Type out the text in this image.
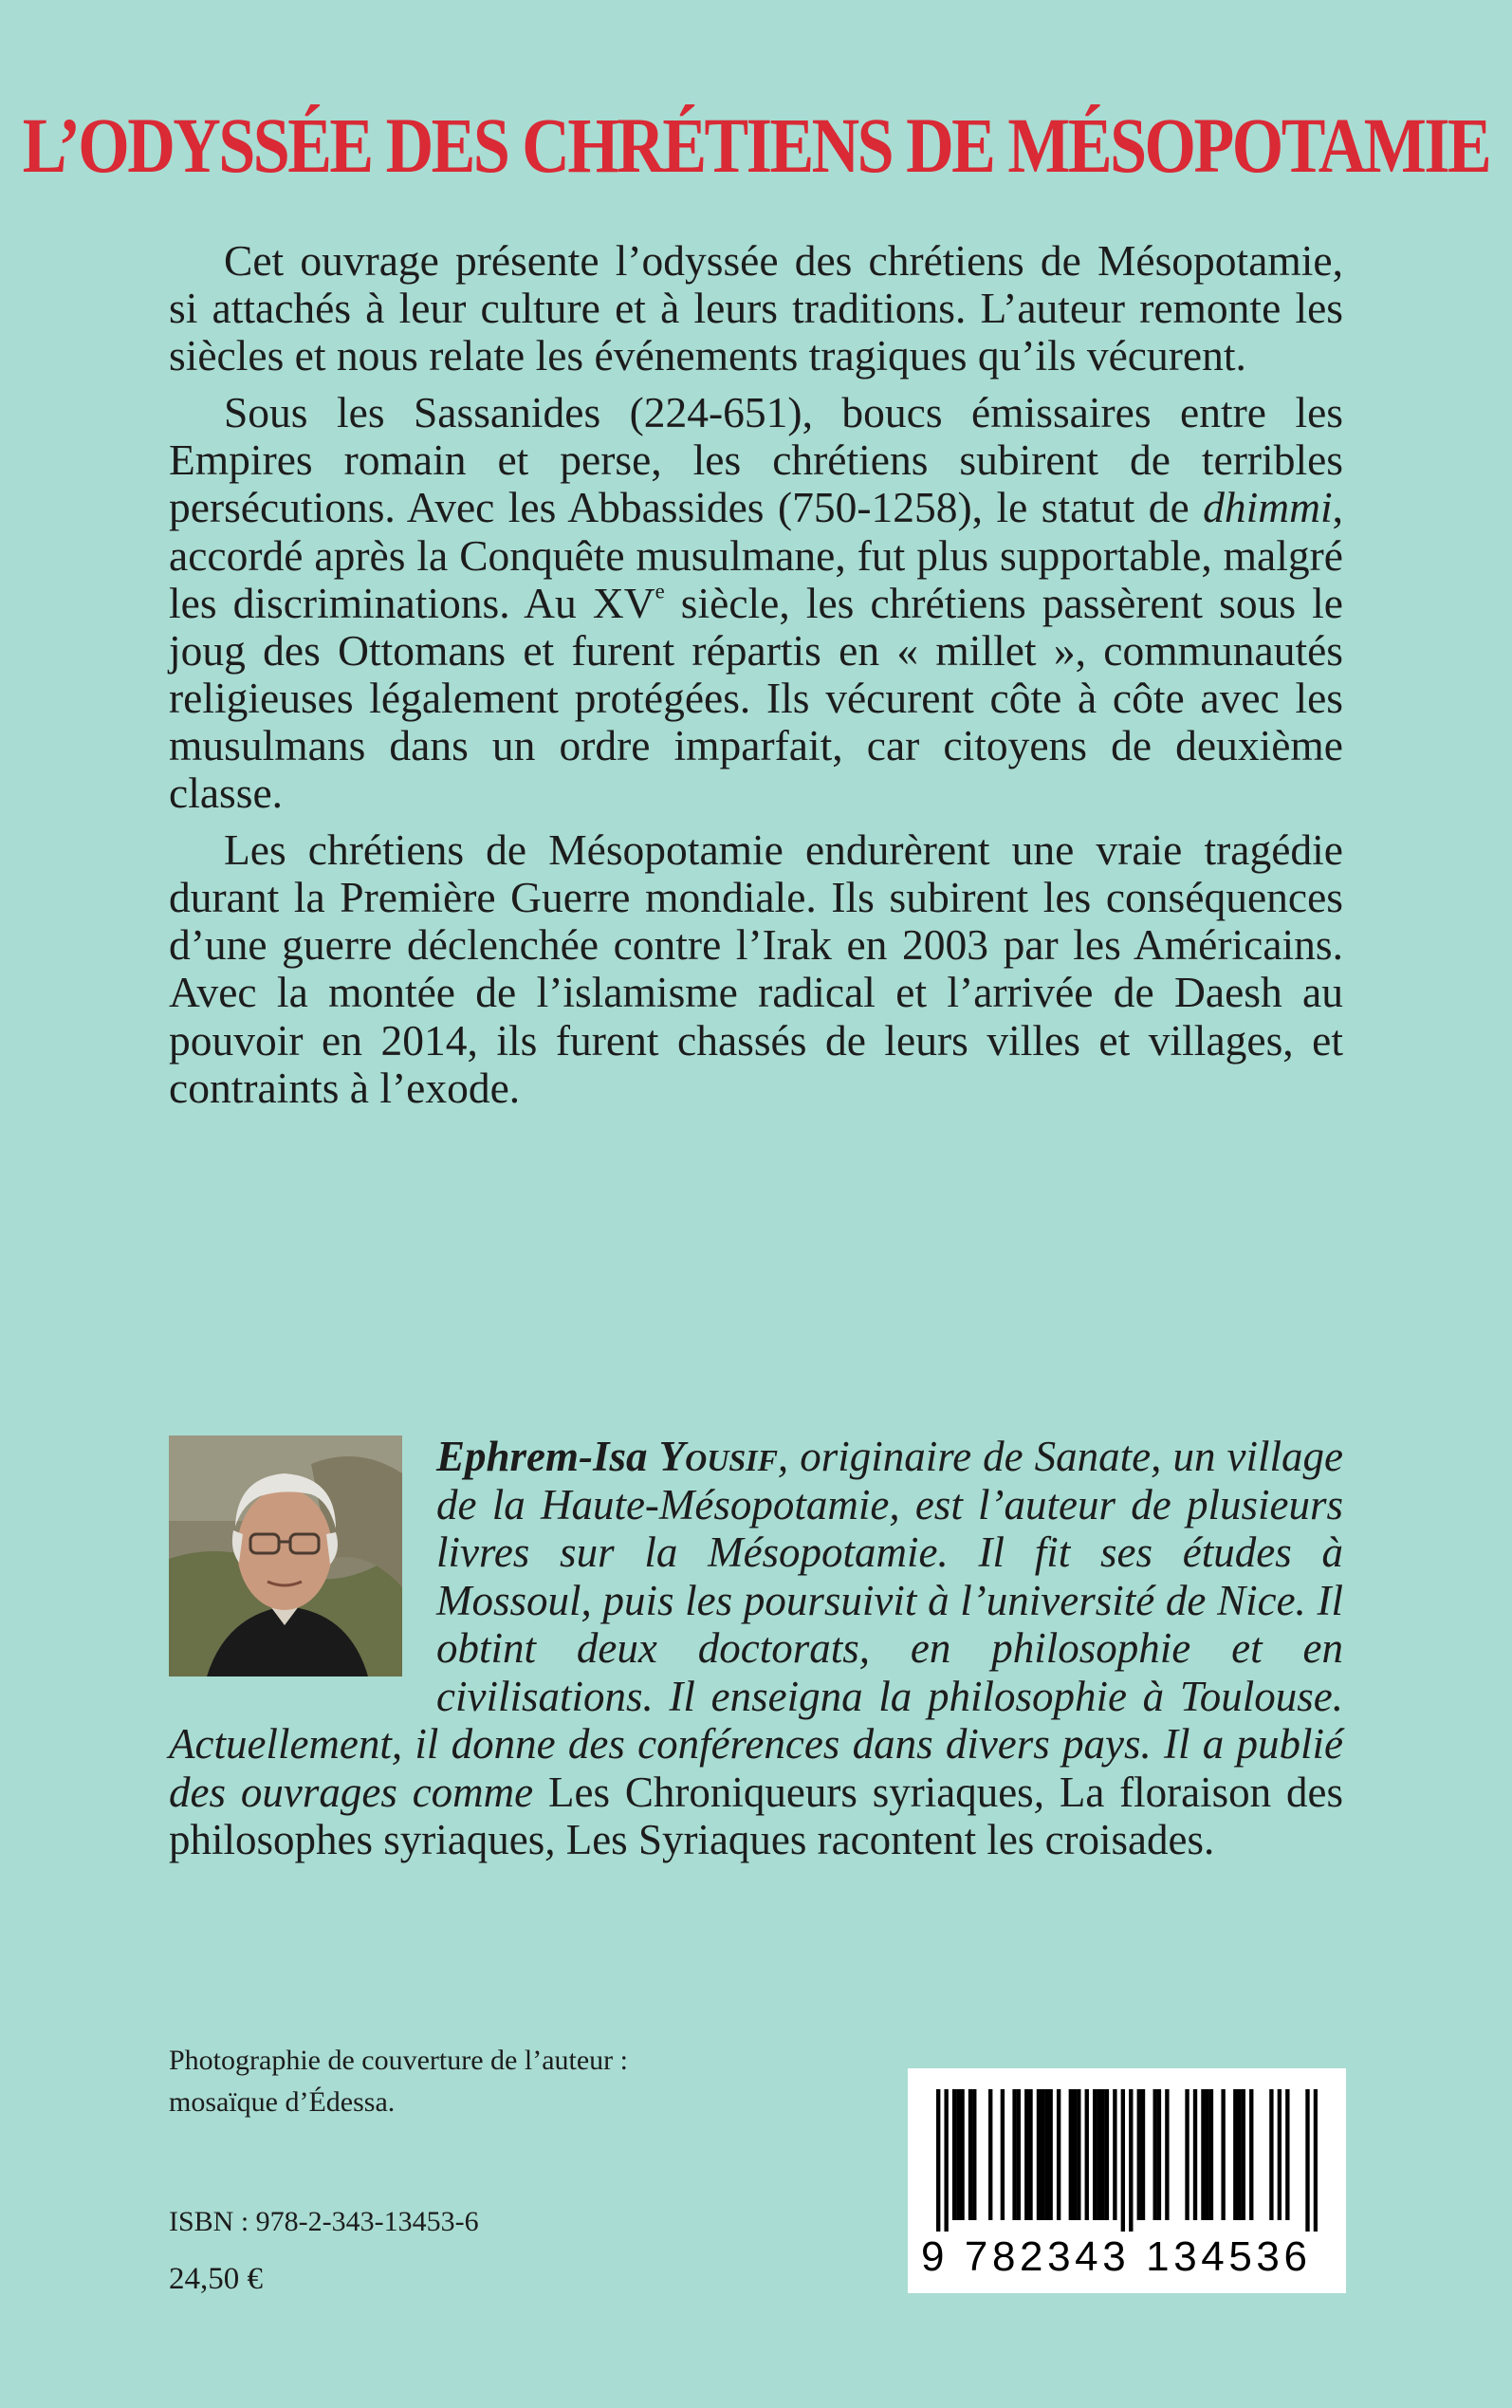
L’ODYSSÉE DES CHRÉTIENS DE MÉSOPOTAMIE

Cet ouvrage présente l’odyssée des chrétiens de Mésopotamie, si attachés à leur culture et à leurs traditions. L’auteur remonte les siècles et nous relate les événements tragiques qu’ils vécurent.

Sous les Sassanides (224-651), boucs émissaires entre les Empires romain et perse, les chrétiens subirent de terribles persécutions. Avec les Abbassides (750-1258), le statut de dhimmi, accordé après la Conquête musulmane, fut plus supportable, malgré les discriminations. Au XVe siècle, les chrétiens passèrent sous le joug des Ottomans et furent répartis en « millet », communautés religieuses légalement protégées. Ils vécurent côte à côte avec les musulmans dans un ordre imparfait, car citoyens de deuxième classe.

Les chrétiens de Mésopotamie endurèrent une vraie tragédie durant la Première Guerre mondiale. Ils subirent les conséquences d’une guerre déclenchée contre l’Irak en 2003 par les Américains. Avec la montée de l’islamisme radical et l’arrivée de Daesh au pouvoir en 2014, ils furent chassés de leurs villes et villages, et contraints à l’exode.

Ephrem-Isa Yousif, originaire de Sanate, un village de la Haute-Mésopotamie, est l’auteur de plusieurs livres sur la Mésopotamie. Il fit ses études à Mossoul, puis les poursuivit à l’université de Nice. Il obtint deux doctorats, en philosophie et en civilisations. Il enseigna la philosophie à Toulouse. Actuellement, il donne des conférences dans divers pays. Il a publié des ouvrages comme Les Chroniqueurs syriaques, La floraison des philosophes syriaques, Les Syriaques racontent les croisades.

Photographie de couverture de l’auteur :
mosaïque d’Édessa.
ISBN : 978-2-343-13453-6
24,50 €	9 782343 134536
